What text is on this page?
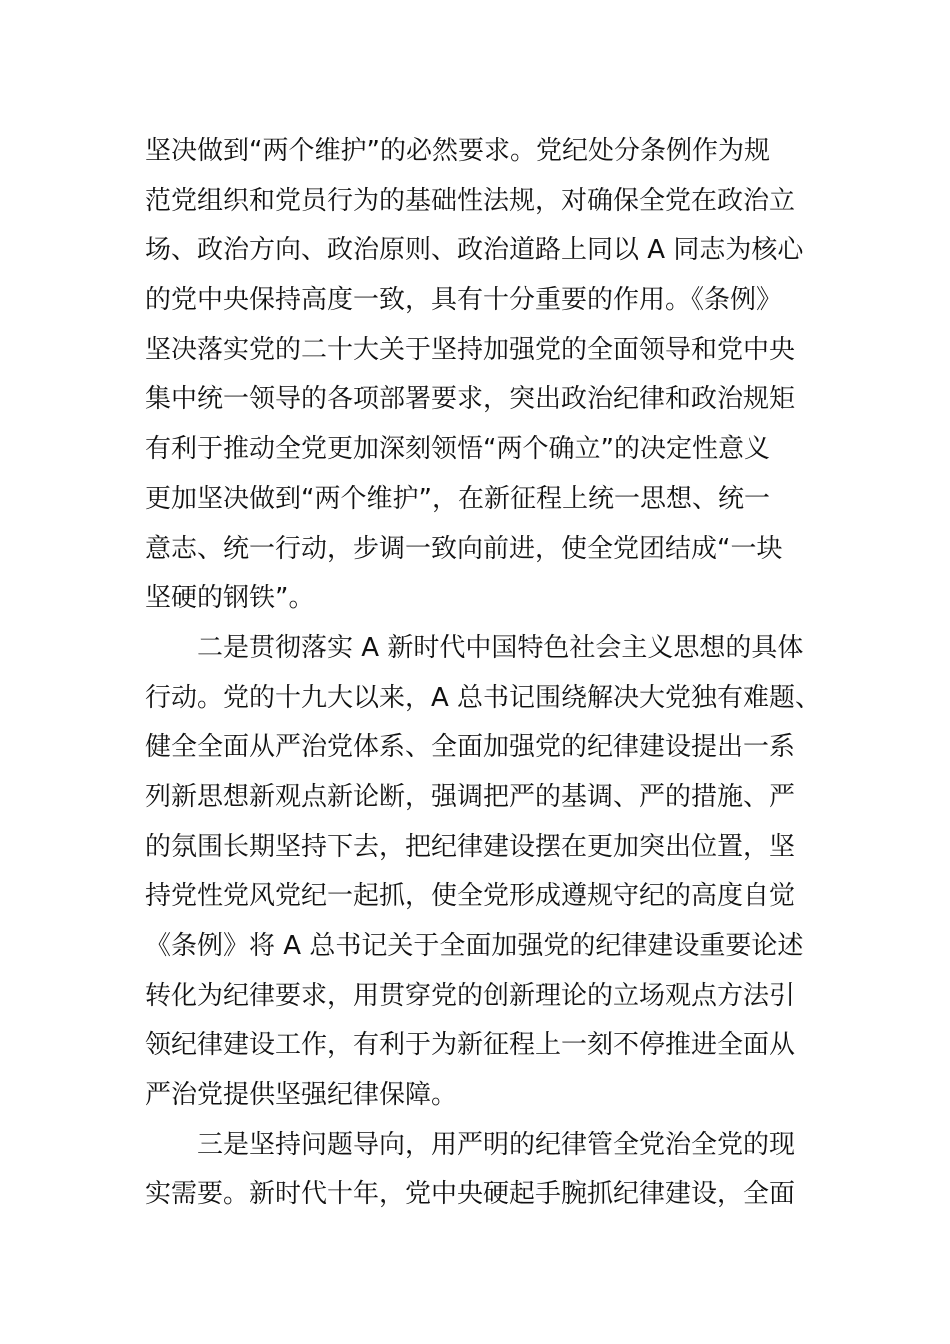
坚决做到“两个维护”的必然要求。党纪处分条例作为规
范党组织和党员行为的基础性法规，对确保全党在政治立
场、政治方向、政治原则、政治道路上同以 A 同志为核心
的党中央保持高度一致，具有十分重要的作用。《条例》
坚决落实党的二十大关于坚持加强党的全面领导和党中央
集中统一领导的各项部署要求，突出政治纪律和政治规矩
有利于推动全党更加深刻领悟“两个确立”的决定性意义
更加坚决做到“两个维护”，在新征程上统一思想、统一
意志、统一行动，步调一致向前进，使全党团结成“一块
坚硬的钢铁”。
二是贯彻落实 A 新时代中国特色社会主义思想的具体
行动。党的十九大以来，A 总书记围绕解决大党独有难题、
健全全面从严治党体系、全面加强党的纪律建设提出一系
列新思想新观点新论断，强调把严的基调、严的措施、严
的氛围长期坚持下去，把纪律建设摆在更加突出位置，坚
持党性党风党纪一起抓，使全党形成遵规守纪的高度自觉
《条例》将 A 总书记关于全面加强党的纪律建设重要论述
转化为纪律要求，用贯穿党的创新理论的立场观点方法引
领纪律建设工作，有利于为新征程上一刻不停推进全面从
严治党提供坚强纪律保障。
三是坚持问题导向，用严明的纪律管全党治全党的现
实需要。新时代十年，党中央硬起手腕抓纪律建设，全面
